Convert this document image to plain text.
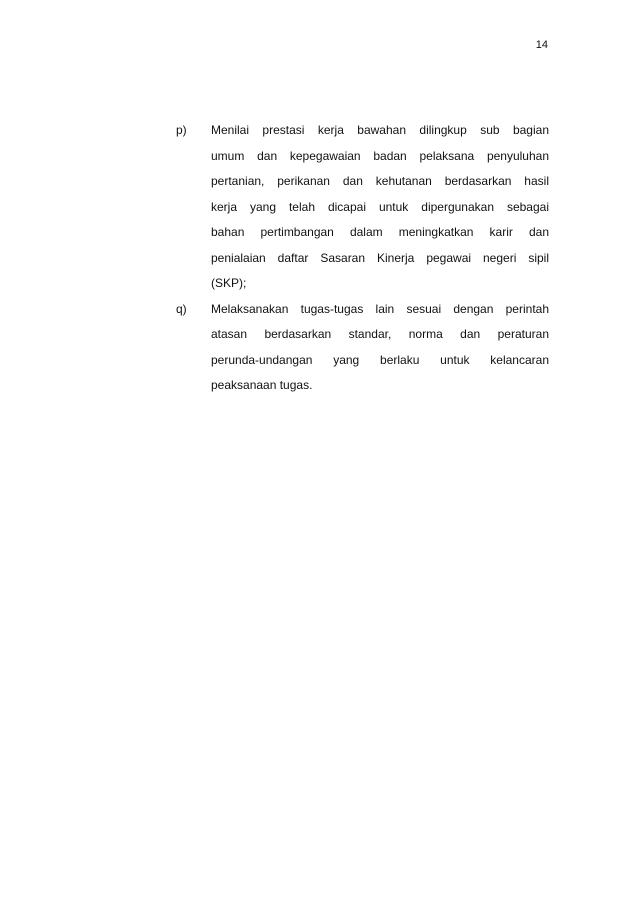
14
p) Menilai prestasi kerja bawahan dilingkup sub bagian
umum dan kepegawaian badan pelaksana penyuluhan
pertanian, perikanan dan kehutanan berdasarkan hasil
kerja yang telah dicapai untuk dipergunakan sebagai
bahan pertimbangan dalam meningkatkan karir dan
penialaian daftar Sasaran Kinerja pegawai negeri sipil
(SKP);
q) Melaksanakan tugas-tugas lain sesuai dengan perintah
atasan berdasarkan standar, norma dan peraturan
perunda-undangan yang berlaku untuk kelancaran
peaksanaan tugas.
